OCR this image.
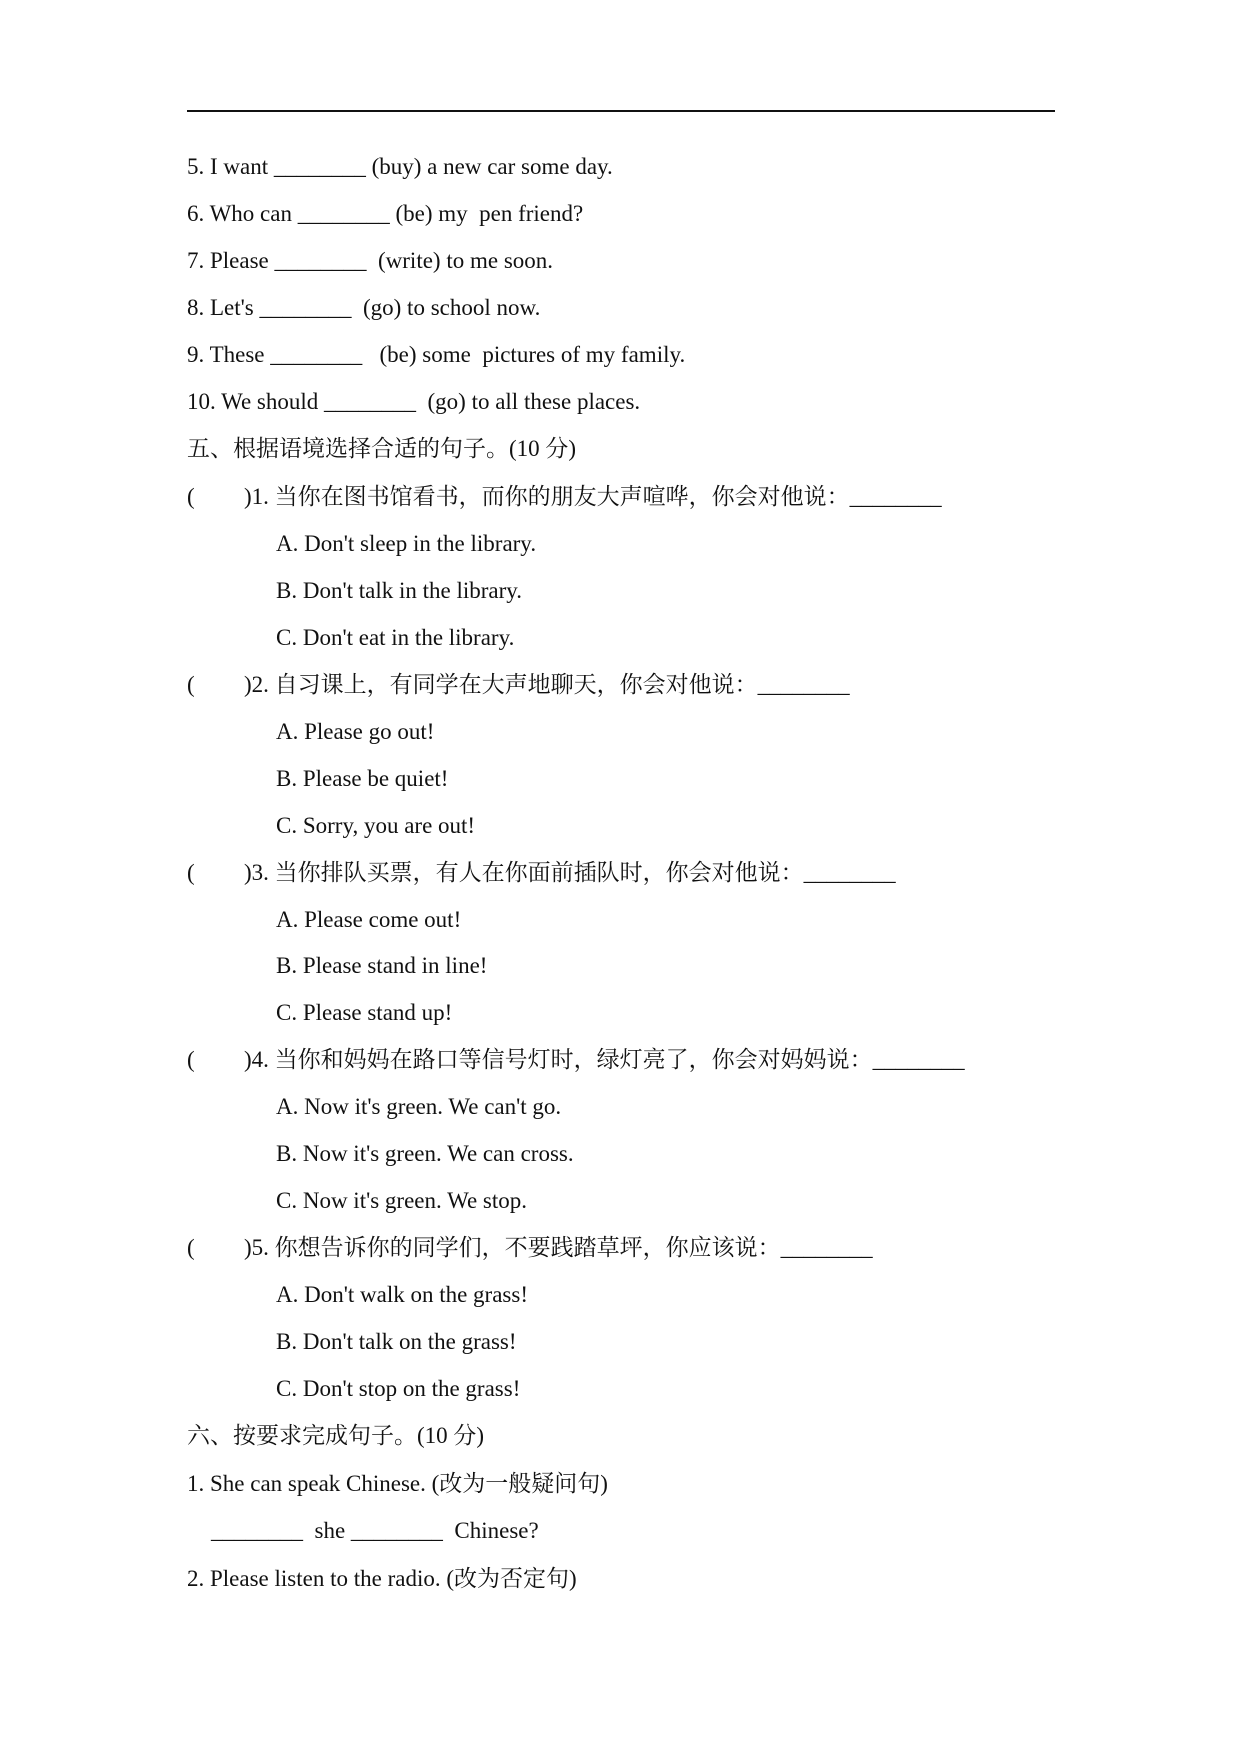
5. I want ________ (buy) a new car some day.
6. Who can ________ (be) my  pen friend?
7. Please ________  (write) to me soon.
8. Let's ________  (go) to school now.
9. These ________   (be) some  pictures of my family.
10. We should ________  (go) to all these places.
五、根据语境选择合适的句子。(10 分)
( )1. 当你在图书馆看书，而你的朋友大声喧哗，你会对他说：________
A. Don't sleep in the library.
B. Don't talk in the library.
C. Don't eat in the library.
( )2. 自习课上，有同学在大声地聊天，你会对他说：________
A. Please go out!
B. Please be quiet!
C. Sorry, you are out!
( )3. 当你排队买票，有人在你面前插队时，你会对他说：________
A. Please come out!
B. Please stand in line!
C. Please stand up!
( )4. 当你和妈妈在路口等信号灯时，绿灯亮了，你会对妈妈说：________
A. Now it's green. We can't go.
B. Now it's green. We can cross.
C. Now it's green. We stop.
( )5. 你想告诉你的同学们，不要践踏草坪，你应该说：________
A. Don't walk on the grass!
B. Don't talk on the grass!
C. Don't stop on the grass!
六、按要求完成句子。(10 分)
1. She can speak Chinese. (改为一般疑问句)
________  she ________  Chinese?
2. Please listen to the radio. (改为否定句)
